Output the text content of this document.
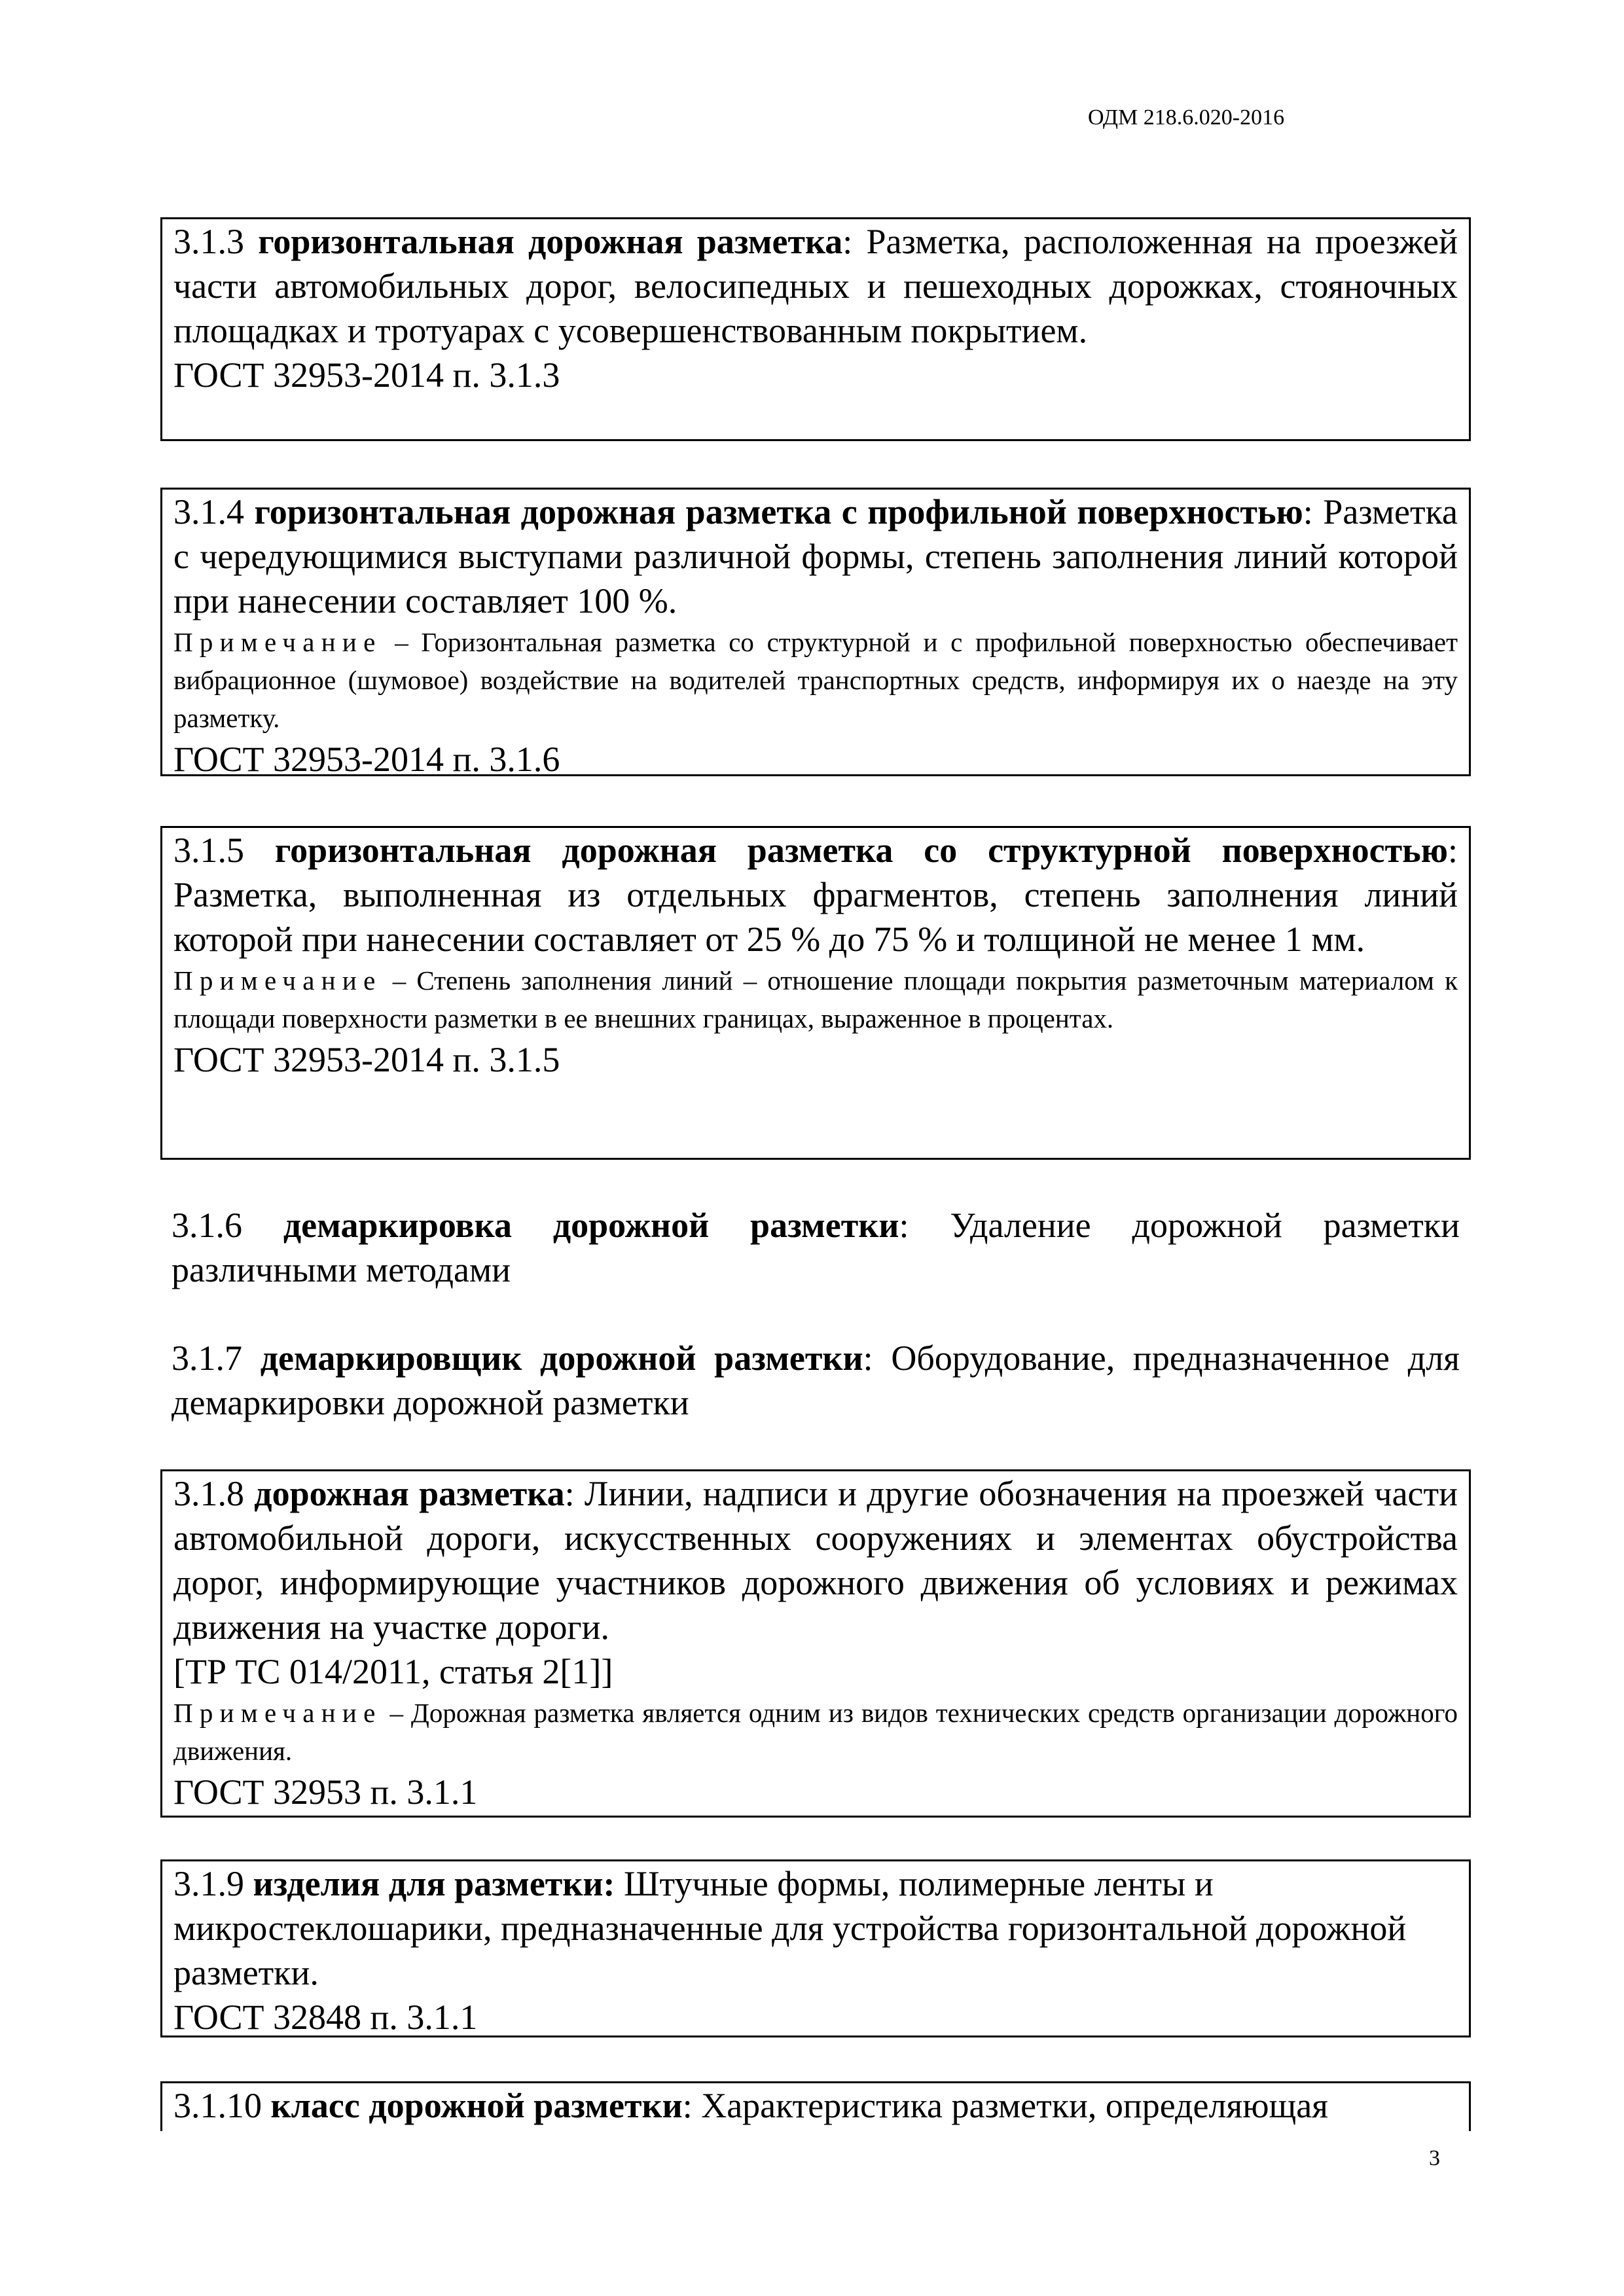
ОДМ 218.6.020-2016

3.1.3 горизонтальная дорожная разметка: Разметка, расположенная на проезжей части автомобильных дорог, велосипедных и пешеходных дорожках, стояночных площадках и тротуарах с усовершенствованным покрытием.

ГОСТ 32953-2014 п. 3.1.3

3.1.4 горизонтальная дорожная разметка с профильной поверхностью: Разметка с чередующимися выступами различной формы, степень заполнения линий которой при нанесении составляет 100 %.

Примечание – Горизонтальная разметка со структурной и с профильной поверхностью обеспечивает вибрационное (шумовое) воздействие на водителей транспортных средств, информируя их о наезде на эту разметку.

ГОСТ 32953-2014 п. 3.1.6

3.1.5 горизонтальная дорожная разметка со структурной поверхностью: Разметка, выполненная из отдельных фрагментов, степень заполнения линий которой при нанесении составляет от 25 % до 75 % и толщиной не менее 1 мм.

Примечание – Степень заполнения линий – отношение площади покрытия разметочным материалом к площади поверхности разметки в ее внешних границах, выраженное в процентах.

ГОСТ 32953-2014 п. 3.1.5

3.1.6 демаркировка дорожной разметки: Удаление дорожной разметки различными методами

3.1.7 демаркировщик дорожной разметки: Оборудование, предназначенное для демаркировки дорожной разметки

3.1.8 дорожная разметка: Линии, надписи и другие обозначения на проезжей части автомобильной дороги, искусственных сооружениях и элементах обустройства дорог, информирующие участников дорожного движения об условиях и режимах движения на участке дороги.

[ТР ТС 014/2011, статья 2[1]]

Примечание – Дорожная разметка является одним из видов технических средств организации дорожного движения.

ГОСТ 32953 п. 3.1.1

3.1.9 изделия для разметки: Штучные формы, полимерные ленты и микростеклошарики, предназначенные для устройства горизонтальной дорожной разметки.

ГОСТ 32848 п. 3.1.1

3.1.10 класс дорожной разметки: Характеристика разметки, определяющая

3
